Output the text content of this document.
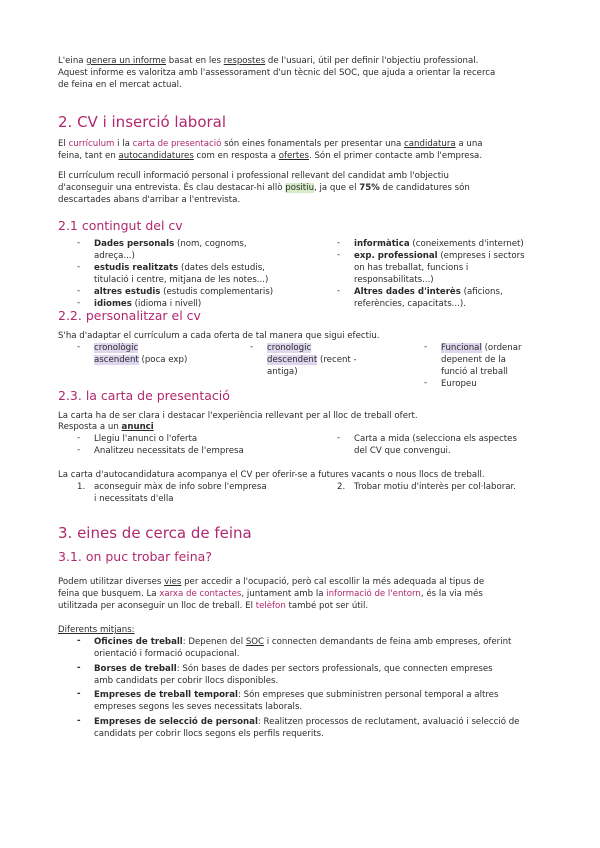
L'eina genera un informe basat en les respostes de l'usuari, útil per definir l'objectiu professional.
Aquest informe es valoritza amb l'assessorament d'un tècnic del SOC, que ajuda a orientar la recerca
de feina en el mercat actual.
2. CV i inserció laboral
El currículum i la carta de presentació són eines fonamentals per presentar una candidatura a una
feina, tant en autocandidatures com en resposta a ofertes. Són el primer contacte amb l'empresa.
El currículum recull informació personal i professional rellevant del candidat amb l'objectiu
d'aconseguir una entrevista. És clau destacar-hi allò positiu, ja que el 75% de candidatures són
descartades abans d'arribar a l'entrevista.
2.1 contingut del cv
- Dades personals (nom, cognoms,
adreça...)
- estudis realitzats (dates dels estudis,
titulació i centre, mitjana de les notes...)
- altres estudis (estudis complementaris)
- idiomes (idioma i nivell)
- informàtica (coneixements d'internet)
- exp. professional (empreses i sectors
on has treballat, funcions i
responsabilitats...)
- Altres dades d'interès (aficions,
referències, capacitats...).
2.2. personalitzar el cv
S'ha d'adaptar el currículum a cada oferta de tal manera que sigui efectiu.
- cronològic
ascendent (poca exp)
- cronologic
descendent (recent -
antiga)
- Funcional (ordenar
depenent de la
funció al treball
- Europeu
2.3. la carta de presentació
La carta ha de ser clara i destacar l'experiència rellevant per al lloc de treball ofert.
Resposta a un anunci
- Llegiu l'anunci o l'oferta
- Analitzeu necessitats de l'empresa
- Carta a mida (selecciona els aspectes
del CV que convengui.
La carta d'autocandidatura acompanya el CV per oferir-se a futures vacants o nous llocs de treball.
1. aconseguir màx de info sobre l'empresa
i necessitats d'ella
2. Trobar motiu d'interès per col·laborar.
3. eines de cerca de feina
3.1. on puc trobar feina?
Podem utilitzar diverses vies per accedir a l'ocupació, però cal escollir la més adequada al tipus de
feina que busquem. La xarxa de contactes, juntament amb la informació de l'entorn, és la via més
utilitzada per aconseguir un lloc de treball. El telèfon també pot ser útil.
Diferents mitjans:
- Oficines de treball: Depenen del SOC i connecten demandants de feina amb empreses, oferint
orientació i formació ocupacional.
- Borses de treball: Són bases de dades per sectors professionals, que connecten empreses
amb candidats per cobrir llocs disponibles.
- Empreses de treball temporal: Són empreses que subministren personal temporal a altres
empreses segons les seves necessitats laborals.
- Empreses de selecció de personal: Realitzen processos de reclutament, avaluació i selecció de
candidats per cobrir llocs segons els perfils requerits.
